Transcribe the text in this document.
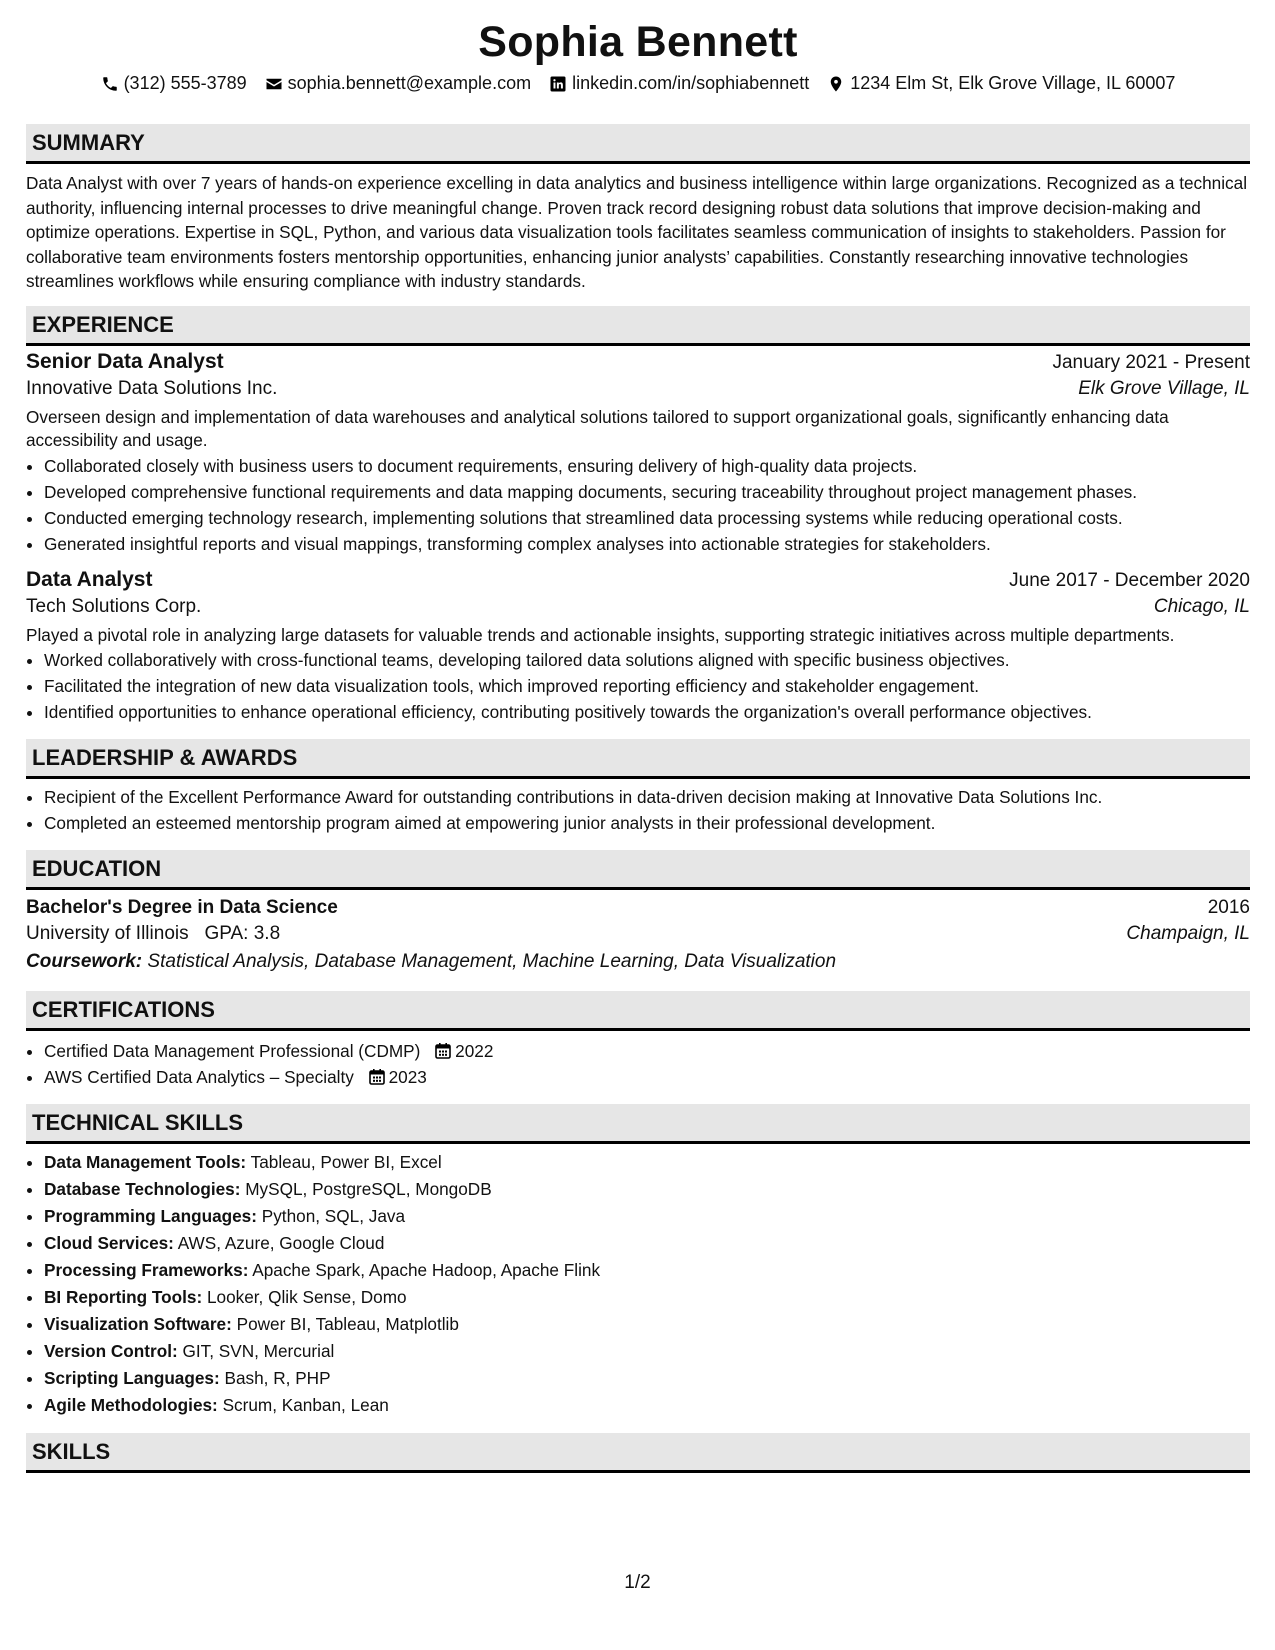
Sophia Bennett
(312) 555-3789 sophia.bennett@example.com linkedin.com/in/sophiabennett 1234 Elm St, Elk Grove Village, IL 60007
SUMMARY

Data Analyst with over 7 years of hands-on experience excelling in data analytics and business intelligence within large organizations. Recognized as a technical authority, influencing internal processes to drive meaningful change. Proven track record designing robust data solutions that improve decision-making and optimize operations. Expertise in SQL, Python, and various data visualization tools facilitates seamless communication of insights to stakeholders. Passion for collaborative team environments fosters mentorship opportunities, enhancing junior analysts’ capabilities. Constantly researching innovative technologies streamlines workflows while ensuring compliance with industry standards.

EXPERIENCE
Senior Data Analyst	January 2021 - Present
Innovative Data Solutions Inc.	Elk Grove Village, IL

Overseen design and implementation of data warehouses and analytical solutions tailored to support organizational goals, significantly enhancing data accessibility and usage.

• Collaborated closely with business users to document requirements, ensuring delivery of high-quality data projects.
• Developed comprehensive functional requirements and data mapping documents, securing traceability throughout project management phases.
• Conducted emerging technology research, implementing solutions that streamlined data processing systems while reducing operational costs.
• Generated insightful reports and visual mappings, transforming complex analyses into actionable strategies for stakeholders.
Data Analyst	June 2017 - December 2020
Tech Solutions Corp.	Chicago, IL

Played a pivotal role in analyzing large datasets for valuable trends and actionable insights, supporting strategic initiatives across multiple departments.

• Worked collaboratively with cross-functional teams, developing tailored data solutions aligned with specific business objectives.
• Facilitated the integration of new data visualization tools, which improved reporting efficiency and stakeholder engagement.
• Identified opportunities to enhance operational efficiency, contributing positively towards the organization's overall performance objectives.
LEADERSHIP & AWARDS
• Recipient of the Excellent Performance Award for outstanding contributions in data-driven decision making at Innovative Data Solutions Inc.
• Completed an esteemed mentorship program aimed at empowering junior analysts in their professional development.
EDUCATION
Bachelor's Degree in Data Science	2016
University of Illinois GPA: 3.8	Champaign, IL
Coursework: Statistical Analysis, Database Management, Machine Learning, Data Visualization
CERTIFICATIONS
• Certified Data Management Professional (CDMP) 2022
• AWS Certified Data Analytics – Specialty 2023
TECHNICAL SKILLS
• Data Management Tools: Tableau, Power BI, Excel
• Database Technologies: MySQL, PostgreSQL, MongoDB
• Programming Languages: Python, SQL, Java
• Cloud Services: AWS, Azure, Google Cloud
• Processing Frameworks: Apache Spark, Apache Hadoop, Apache Flink
• BI Reporting Tools: Looker, Qlik Sense, Domo
• Visualization Software: Power BI, Tableau, Matplotlib
• Version Control: GIT, SVN, Mercurial
• Scripting Languages: Bash, R, PHP
• Agile Methodologies: Scrum, Kanban, Lean
SKILLS
1/2
